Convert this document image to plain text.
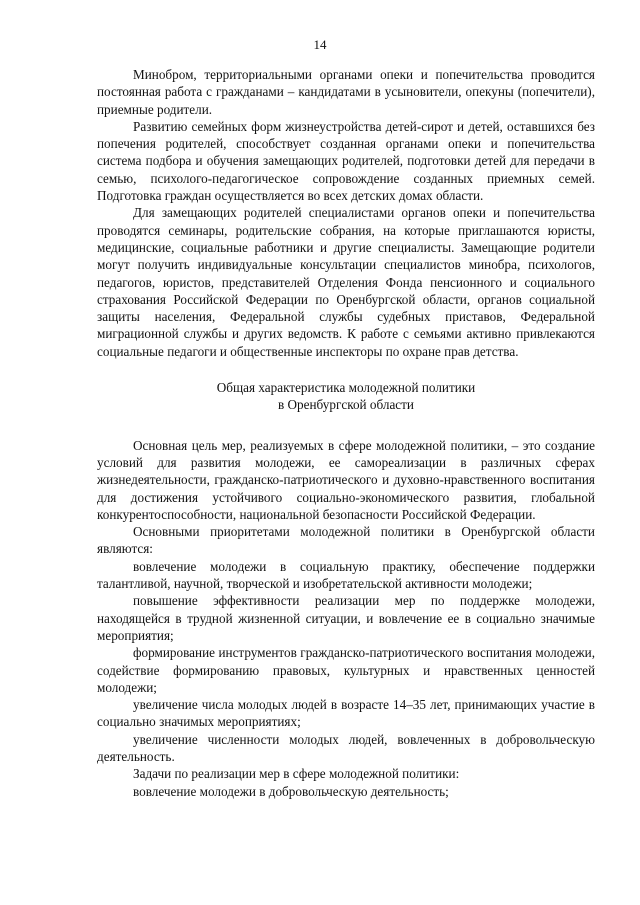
14

Минобром, территориальными органами опеки и попечительства проводится постоянная работа с гражданами – кандидатами в усыновители, опекуны (попечители), приемные родители.

Развитию семейных форм жизнеустройства детей-сирот и детей, оставшихся без попечения родителей, способствует созданная органами опеки и попечительства система подбора и обучения замещающих родителей, подготовки детей для передачи в семью, психолого-педагогическое сопровождение созданных приемных семей. Подготовка граждан осуществляется во всех детских домах области.

Для замещающих родителей специалистами органов опеки и попечительства проводятся семинары, родительские собрания, на которые приглашаются юристы, медицинские, социальные работники и другие специалисты. Замещающие родители могут получить индивидуальные консультации специалистов минобра, психологов, педагогов, юристов, представителей Отделения Фонда пенсионного и социального страхования Российской Федерации по Оренбургской области, органов социальной защиты населения, Федеральной службы судебных приставов, Федеральной миграционной службы и других ведомств. К работе с семьями активно привлекаются социальные педагоги и общественные инспекторы по охране прав детства.

Общая характеристика молодежной политики
в Оренбургской области

Основная цель мер, реализуемых в сфере молодежной политики, – это создание условий для развития молодежи, ее самореализации в различных сферах жизнедеятельности, гражданско-патриотического и духовно-нравственного воспитания для достижения устойчивого социально-экономического развития, глобальной конкурентоспособности, национальной безопасности Российской Федерации.

Основными приоритетами молодежной политики в Оренбургской области являются:

вовлечение молодежи в социальную практику, обеспечение поддержки талантливой, научной, творческой и изобретательской активности молодежи;

повышение эффективности реализации мер по поддержке молодежи, находящейся в трудной жизненной ситуации, и вовлечение ее в социально значимые мероприятия;

формирование инструментов гражданско-патриотического воспитания молодежи, содействие формированию правовых, культурных и нравственных ценностей молодежи;

увеличение числа молодых людей в возрасте 14–35 лет, принимающих участие в социально значимых мероприятиях;

увеличение численности молодых людей, вовлеченных в добровольческую деятельность.

Задачи по реализации мер в сфере молодежной политики:

вовлечение молодежи в добровольческую деятельность;
